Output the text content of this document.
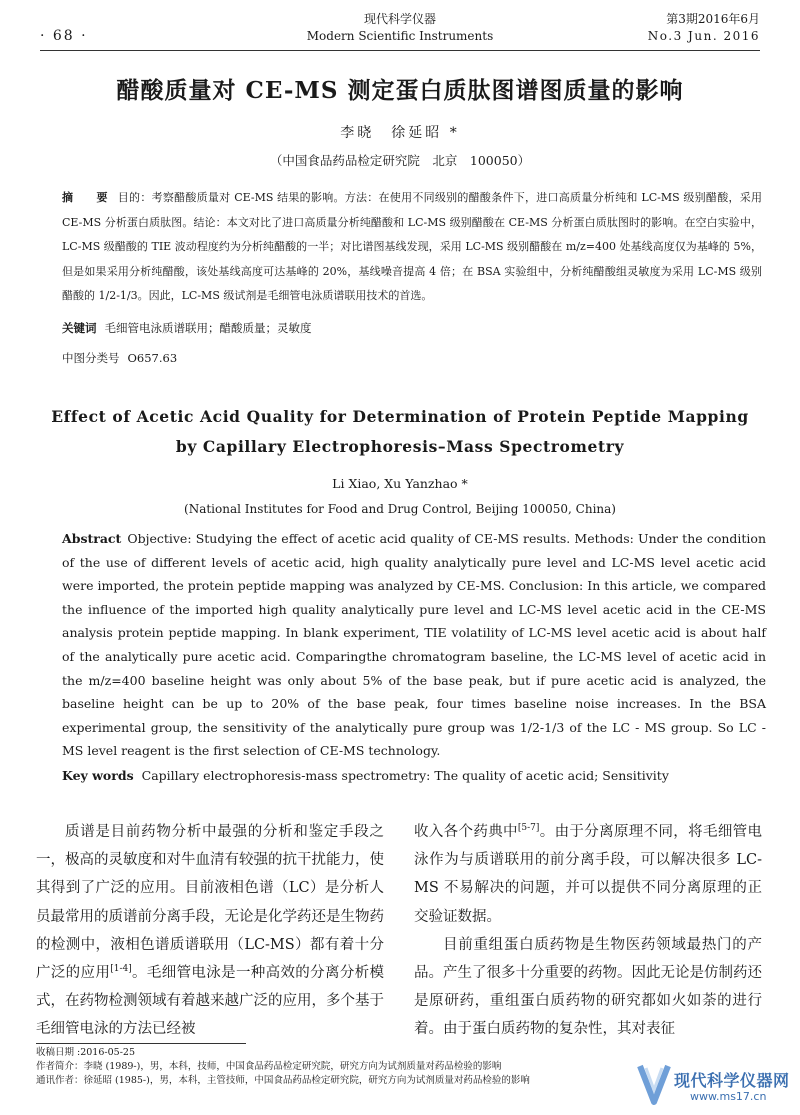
· 68 ·
现代科学仪器
Modern Scientific Instruments
第3期2016年6月
No.3 Jun. 2016
醋酸质量对 CE-MS 测定蛋白质肽图谱图质量的影响
李晓　徐延昭 *
（中国食品药品检定研究院　北京　100050）
摘　要 目的：考察醋酸质量对 CE-MS 结果的影响。方法：在使用不同级别的醋酸条件下，进口高质量分析纯和 LC-MS 级别醋酸，采用 CE-MS 分析蛋白质肽图。结论：本文对比了进口高质量分析纯醋酸和 LC-MS 级别醋酸在 CE-MS 分析蛋白质肽图时的影响。在空白实验中，LC-MS 级醋酸的 TIE 波动程度约为分析纯醋酸的一半；对比谱图基线发现，采用 LC-MS 级别醋酸在 m/z=400 处基线高度仅为基峰的 5%，但是如果采用分析纯醋酸，该处基线高度可达基峰的 20%，基线噪音提高 4 倍；在 BSA 实验组中，分析纯醋酸组灵敏度为采用 LC-MS 级别醋酸的 1/2-1/3。因此，LC-MS 级试剂是毛细管电泳质谱联用技术的首选。
关键词 毛细管电泳质谱联用；醋酸质量；灵敏度
中图分类号 O657.63
Effect of Acetic Acid Quality for Determination of Protein Peptide Mapping by Capillary Electrophoresis–Mass Spectrometry
Li Xiao, Xu Yanzhao *
(National Institutes for Food and Drug Control, Beijing 100050, China)
Abstract Objective: Studying the effect of acetic acid quality of CE-MS results. Methods: Under the condition of the use of different levels of acetic acid, high quality analytically pure level and LC-MS level acetic acid were imported, the protein peptide mapping was analyzed by CE-MS. Conclusion: In this article, we compared the influence of the imported high quality analytically pure level and LC-MS level acetic acid in the CE-MS analysis protein peptide mapping. In blank experiment, TIE volatility of LC-MS level acetic acid is about half of the analytically pure acetic acid. Comparingthe chromatogram baseline, the LC-MS level of acetic acid in the m/z=400 baseline height was only about 5% of the base peak, but if pure acetic acid is analyzed, the baseline height can be up to 20% of the base peak, four times baseline noise increases. In the BSA experimental group, the sensitivity of the analytically pure group was 1/2-1/3 of the LC - MS group. So LC - MS level reagent is the first selection of CE-MS technology.
Key words Capillary electrophoresis-mass spectrometry: The quality of acetic acid; Sensitivity

质谱是目前药物分析中最强的分析和鉴定手段之一，极高的灵敏度和对牛血清有较强的抗干扰能力，使其得到了广泛的应用。目前液相色谱（LC）是分析人员最常用的质谱前分离手段，无论是化学药还是生物药的检测中，液相色谱质谱联用（LC-MS）都有着十分广泛的应用[1-4]。毛细管电泳是一种高效的分离分析模式，在药物检测领域有着越来越广泛的应用，多个基于毛细管电泳的方法已经被

收入各个药典中[5-7]。由于分离原理不同，将毛细管电泳作为与质谱联用的前分离手段，可以解决很多 LC-MS 不易解决的问题，并可以提供不同分离原理的正交验证数据。

目前重组蛋白质药物是生物医药领域最热门的产品。产生了很多十分重要的药物。因此无论是仿制药还是原研药，重组蛋白质药物的研究都如火如荼的进行着。由于蛋白质药物的复杂性，其对表征

收稿日期 :2016-05-25
作者简介：李晓 (1989-)，男，本科，技师，中国食品药品检定研究院，研究方向为试剂质量对药品检验的影响
通讯作者：徐延昭 (1985-)，男，本科，主管技师，中国食品药品检定研究院，研究方向为试剂质量对药品检验的影响	现代科学仪器网
www.ms17.cn
